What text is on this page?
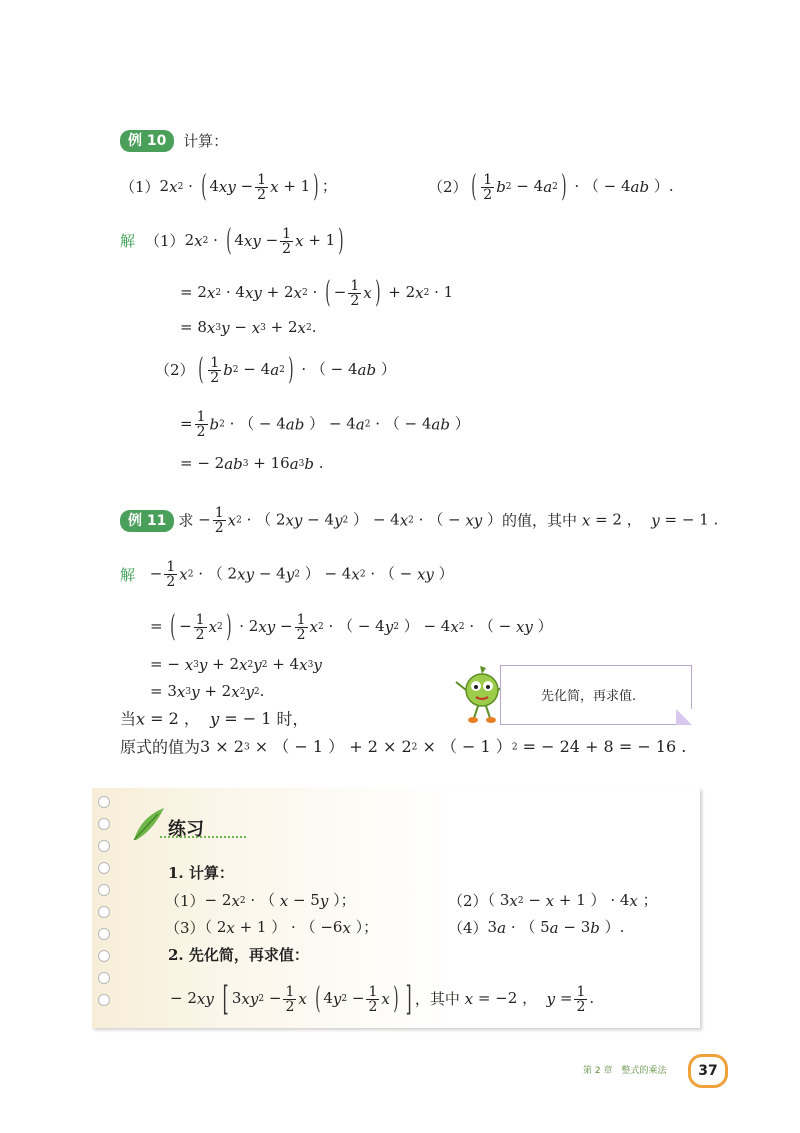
例 10 计算：
（1）2x2 · ( $4xy - \frac{1}{2}$ x + 1 ) ；	（2） ( $\frac{1}{2} b2 - 4a2$ ) · （ − 4ab ）.
解 （1）2x2 · ( $4xy - \frac{1}{2}$ x + 1 )
= 2x2 · 4xy + 2x2 · ( − $\frac{1}{2}$ x ) + 2x2 · 1
= 8x3y − x3 + 2x2.
（2） ( $\frac{1}{2} b2 - 4a2$ ) · （ − 4ab ）
= $\frac{1}{2} b2$ · （ − 4ab ） − 4a2 · （ − 4ab ）
= − 2ab3 + 16a3b .
例 11 求 − $\frac{1}{2} x2$ · （ 2xy − 4y2 ） − 4x2 · （ − xy ）的值，其中 x = 2 ，  y = − 1 .
解 − $\frac{1}{2} x2$ · （ 2xy − 4y2 ） − 4x2 · （ − xy ）
= ( − $\frac{1}{2} x2$ ) · $2xy - \frac{1}{2} x2$ · （ − 4y2 ） − 4x2 · （ − xy ）
= − x3y + 2x2y2 + 4x3y
= 3x3y + 2x2y2.
当x = 2 ，  y = − 1 时，
原式的值为3 × 23 × （ − 1 ） + 2 × 22 × （ − 1 ）2 = − 24 + 8 = − 16 .
先化简，再求值.
练习
1. 计算：
（1）− 2x2 · （ x − 5y ）；	（2）（ 3x2 − x + 1 ） · 4x ；
（3）（ 2x + 1 ） · （ −6x ）；	（4）3a · （ 5a − 3b ）.
2. 先化简，再求值：
− 2xy [ $3xy2 - \frac{1}{2}$ x ( $4y2 - \frac{1}{2}$ x ) ] ，其中 x = −2 ，  $y = \frac{1}{2}$ .
第 2 章　整式的乘法	37
